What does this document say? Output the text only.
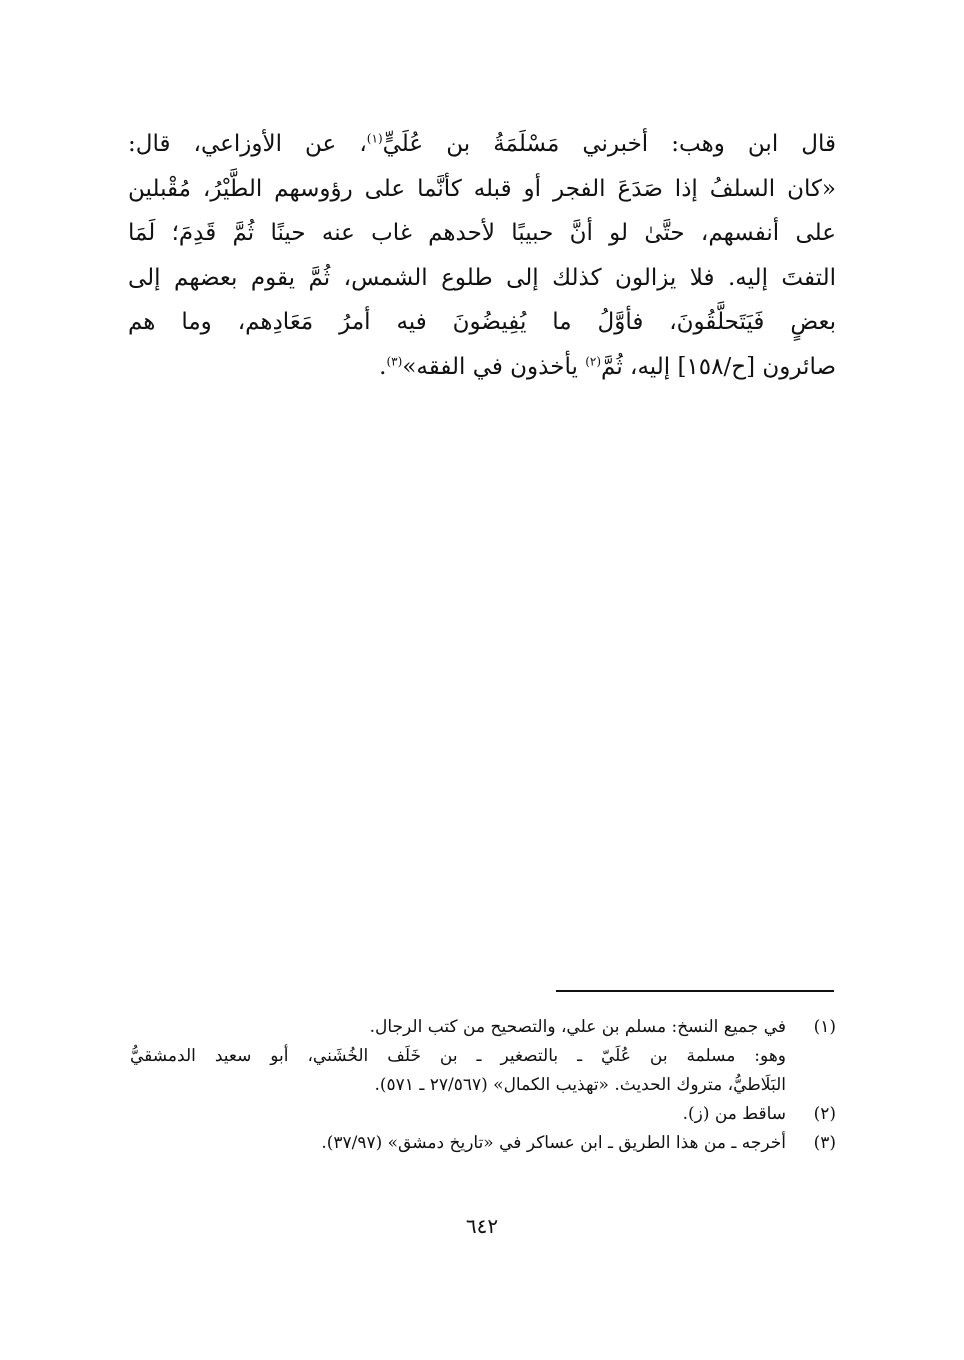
قال ابن وهب: أخبرني مَسْلَمَةُ بن عُلَيٍّ$^{(١)}$، عن الأوزاعي، قال:
«كان السلفُ إذا صَدَعَ الفجر أو قبله كأنَّما على رؤوسهم الطَّيْرُ، مُقْبلين
على أنفسهم، حتَّىٰ لو أنَّ حبيبًا لأحدهم غاب عنه حينًا ثُمَّ قَدِمَ؛ لَمَا
التفتَ إليه. فلا يزالون كذلك إلى طلوع الشمس، ثُمَّ يقوم بعضهم إلى
بعضٍ فَيَتَحلَّقُونَ، فأوَّلُ ما يُفِيضُونَ فيه أمرُ مَعَادِهم، وما هم
صائرون [ح/١٥٨] إليه، ثُمَّ$^{(٢)}$ يأخذون في الفقه»$^{(٣)}$.
(١)
في جميع النسخ: مسلم بن علي، والتصحيح من كتب الرجال.
وهو: مسلمة بن عُلَيّ ـ بالتصغير ـ بن خَلَف الخُشَني، أبو سعيد الدمشقيُّ
البَلَاطيُّ، متروك الحديث. «تهذيب الكمال» (٢٧/٥٦٧ ـ ٥٧١).
(٢)
ساقط من (ز).
(٣)
أخرجه ـ من هذا الطريق ـ ابن عساكر في «تاريخ دمشق» (٣٧/٩٧).
٦٤٢
